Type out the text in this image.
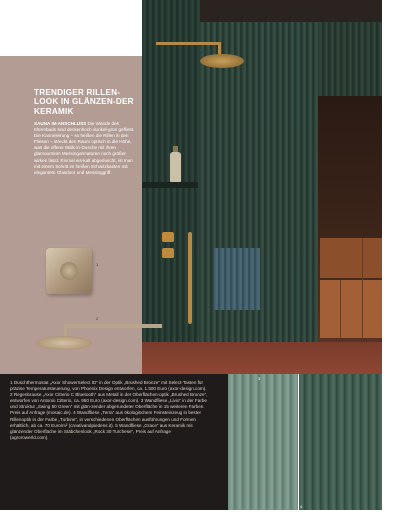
TRENDIGER RILLEN-LOOK IN GLÄNZEN-DER KERAMIK
SAUNA IM ANSCHLUSS Die Wände des Elternbads sind deckenhoch dunkel-grün gefliest. Die Kanneleirung – so heißen die Rillen in den Fliesen – streckt den Raum optisch in die Höhe, was die offene Walk-in-Dusche mit ihren glamourösen Messingarmaturen noch größer wirken lässt. Einmal eis-kalt abgeduscht, ist man mit einem Schritt im heißen Schwitzkasten mit elegantem Glasdoor und Messinggriff.
1
2
1 Duschthermostat „Axor ShowerSelect ID“ in der Optik „Brushed Bronze“ mit Select-Tasten für präzise Temperatursteuerung, von Phoenix Design entworfen, ca. 1.500 Euro (axor-design.com). 2 Regenbrause „Axor Citterio C Bluetooth“ aus Metall in der Oberflächen-optik „Brushed Bronze“, entworfen von Antonio Citterio, ca. 950 Euro (axor-design.com). 3 Wandfliese „Livio“ in der Farbe und Struktur „Swing 50 Green“ mit glän-zender abgerundeter Oberfläche in 15 weiteren Farben. Preis auf Anfrage (mosaic.de). 4 Wandfliese „Terra“ aus ökologischem Feinsteinzeug in bester Rillenoptik in der Farbe „Turbine“, in verschiedenen Oberflächen ausführungen und Formen erhältlich, ab ca. 70 Euro/m² (creativandpiedens.it). 5 Wandfliese „Grace“ aus Keramik mit glänzender Oberfläche im Stäbchenlook „Rock 30 Turchese“, Preis auf Anfrage (agrorowerld.com).
3
4
